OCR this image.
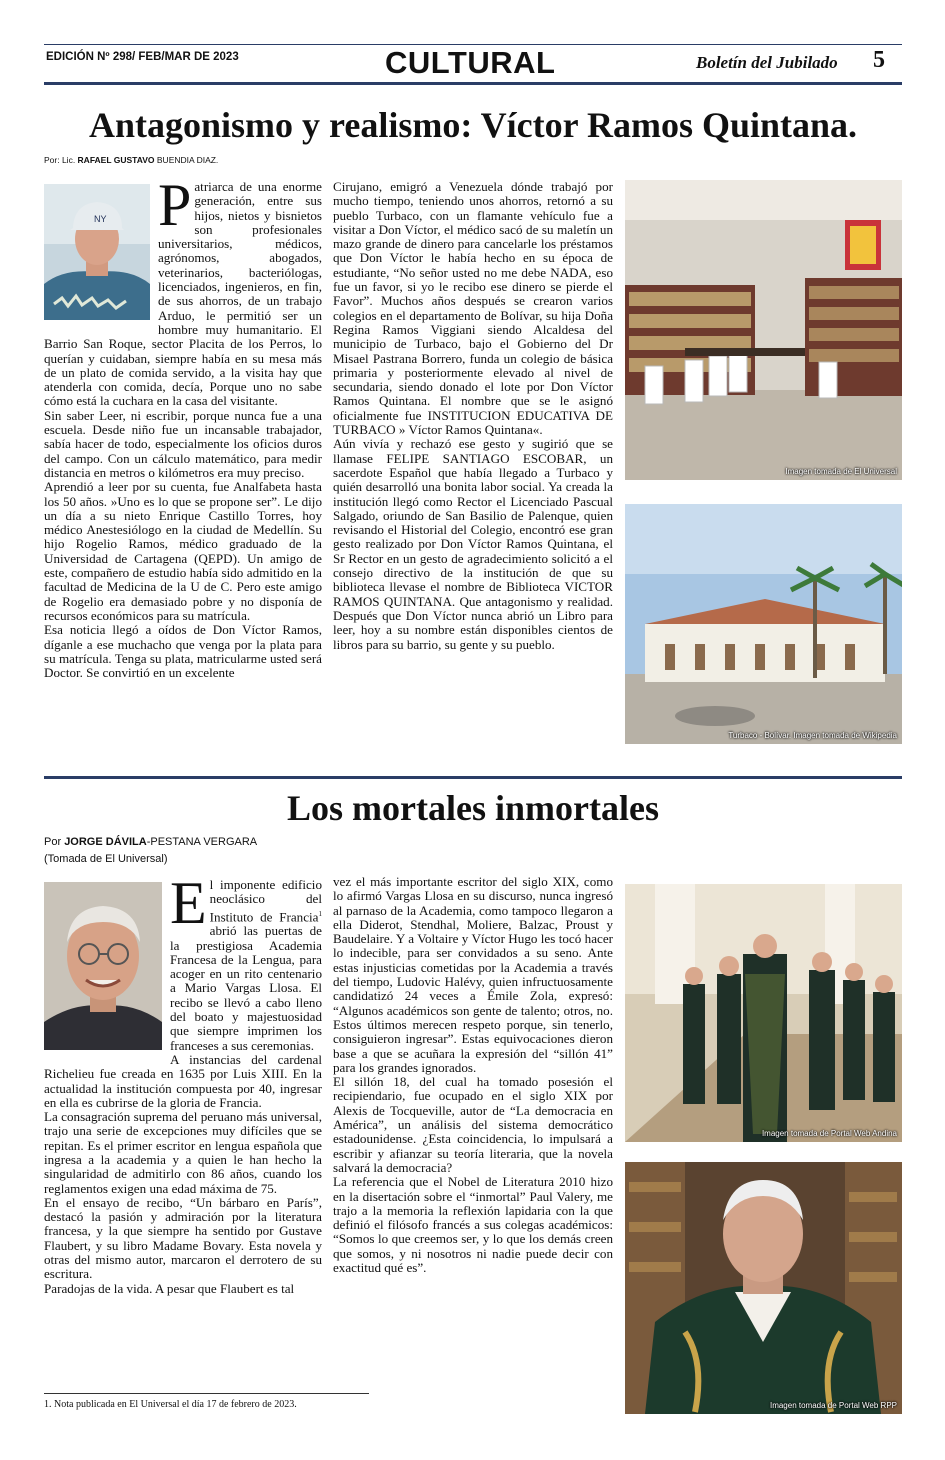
EDICIÓN Nº 298/ FEB/MAR DE 2023	CULTURAL	Boletín del Jubilado 5
Antagonismo y realismo: Víctor Ramos Quintana.
Por: Lic. RAFAEL GUSTAVO BUENDIA DIAZ.
NY P atriarca de una enorme generación, entre sus hijos, nietos y bisnietos son profesionales universitarios, médicos, agrónomos, abogados, veterinarios, bacteriólogas, licenciados, ingenieros, en fin, de sus ahorros, de un trabajo Arduo, le permitió ser un hombre muy humanitario. El Barrio San Roque, sector Placita de los Perros, lo querían y cuidaban, siempre había en su mesa más de un plato de comida servido, a la visita hay que atenderla con comida, decía, Porque uno no sabe cómo está la cuchara en la casa del visitante.

Sin saber Leer, ni escribir, porque nunca fue a una escuela. Desde niño fue un incansable trabajador, sabía hacer de todo, especialmente los oficios duros del campo. Con un cálculo matemático, para medir distancia en metros o kilómetros era muy preciso.

Aprendió a leer por su cuenta, fue Analfabeta hasta los 50 años. »Uno es lo que se propone ser”. Le dijo un día a su nieto Enrique Castillo Torres, hoy médico Anestesiólogo en la ciudad de Medellín. Su hijo Rogelio Ramos, médico graduado de la Universidad de Cartagena (QEPD). Un amigo de este, compañero de estudio había sido admitido en la facultad de Medicina de la U de C. Pero este amigo de Rogelio era demasiado pobre y no disponía de recursos económicos para su matrícula.

Esa noticia llegó a oídos de Don Víctor Ramos, díganle a ese muchacho que venga por la plata para su matrícula. Tenga su plata, matricularme usted será Doctor. Se convirtió en un excelente

Cirujano, emigró a Venezuela dónde trabajó por mucho tiempo, teniendo unos ahorros, retornó a su pueblo Turbaco, con un flamante vehículo fue a visitar a Don Víctor, el médico sacó de su maletín un mazo grande de dinero para cancelarle los préstamos que Don Víctor le había hecho en su época de estudiante, “No señor usted no me debe NADA, eso fue un favor, si yo le recibo ese dinero se pierde el Favor”. Muchos años después se crearon varios colegios en el departamento de Bolívar, su hija Doña Regina Ramos Viggiani siendo Alcaldesa del municipio de Turbaco, bajo el Gobierno del Dr Misael Pastrana Borrero, funda un colegio de básica primaria y posteriormente elevado al nivel de secundaria, siendo donado el lote por Don Víctor Ramos Quintana. El nombre que se le asignó oficialmente fue INSTITUCION EDUCATIVA DE TURBACO » Víctor Ramos Quintana«.

Aún vivía y rechazó ese gesto y sugirió que se llamase FELIPE SANTIAGO ESCOBAR, un sacerdote Español que había llegado a Turbaco y quién desarrolló una bonita labor social. Ya creada la institución llegó como Rector el Licenciado Pascual Salgado, oriundo de San Basilio de Palenque, quien revisando el Historial del Colegio, encontró ese gran gesto realizado por Don Víctor Ramos Quintana, el Sr Rector en un gesto de agradecimiento solicitó a el consejo directivo de la institución de que su biblioteca llevase el nombre de Biblioteca VICTOR RAMOS QUINTANA. Que antagonismo y realidad. Después que Don Víctor nunca abrió un Libro para leer, hoy a su nombre están disponibles cientos de libros para su barrio, su gente y su pueblo.

Imagen tomada de El Universal
Turbaco - Bolívar. Imagen tomada de Wikipedia
Los mortales inmortales
Por JORGE DÁVILA-PESTANA VERGARA
(Tomada de El Universal)
E l imponente edificio neoclásico del Instituto de Francia$^1$ abrió las puertas de la prestigiosa Academia Francesa de la Lengua, para acoger en un rito centenario a Mario Vargas Llosa. El recibo se llevó a cabo lleno del boato y majestuosidad que siempre imprimen los franceses a sus ceremonias.

A instancias del cardenal Richelieu fue creada en 1635 por Luis XIII. En la actualidad la institución compuesta por 40, ingresar en ella es cubrirse de la gloria de Francia.

La consagración suprema del peruano más universal, trajo una serie de excepciones muy difíciles que se repitan. Es el primer escritor en lengua española que ingresa a la academia y a quien le han hecho la singularidad de admitirlo con 86 años, cuando los reglamentos exigen una edad máxima de 75.

En el ensayo de recibo, “Un bárbaro en París”, destacó la pasión y admiración por la literatura francesa, y la que siempre ha sentido por Gustave Flaubert, y su libro Madame Bovary. Esta novela y otras del mismo autor, marcaron el derrotero de su escritura.

Paradojas de la vida. A pesar que Flaubert es tal

vez el más importante escritor del siglo XIX, como lo afirmó Vargas Llosa en su discurso, nunca ingresó al parnaso de la Academia, como tampoco llegaron a ella Diderot, Stendhal, Moliere, Balzac, Proust y Baudelaire. Y a Voltaire y Víctor Hugo les tocó hacer lo indecible, para ser convidados a su seno. Ante estas injusticias cometidas por la Academia a través del tiempo, Ludovic Halévy, quien infructuosamente candidatizó 24 veces a Émile Zola, expresó: “Algunos académicos son gente de talento; otros, no. Estos últimos merecen respeto porque, sin tenerlo, consiguieron ingresar”. Estas equivocaciones dieron base a que se acuñara la expresión del “sillón 41” para los grandes ignorados.

El sillón 18, del cual ha tomado posesión el recipiendario, fue ocupado en el siglo XIX por Alexis de Tocqueville, autor de “La democracia en América”, un análisis del sistema democrático estadounidense. ¿Esta coincidencia, lo impulsará a escribir y afianzar su teoría literaria, que la novela salvará la democracia?

La referencia que el Nobel de Literatura 2010 hizo en la disertación sobre el “inmortal” Paul Valery, me trajo a la memoria la reflexión lapidaria con la que definió el filósofo francés a sus colegas académicos: “Somos lo que creemos ser, y lo que los demás creen que somos, y ni nosotros ni nadie puede decir con exactitud qué es”.

Imagen tomada de Portal Web Andina
Imagen tomada de Portal Web RPP
1. Nota publicada en El Universal el día 17 de febrero de 2023.
